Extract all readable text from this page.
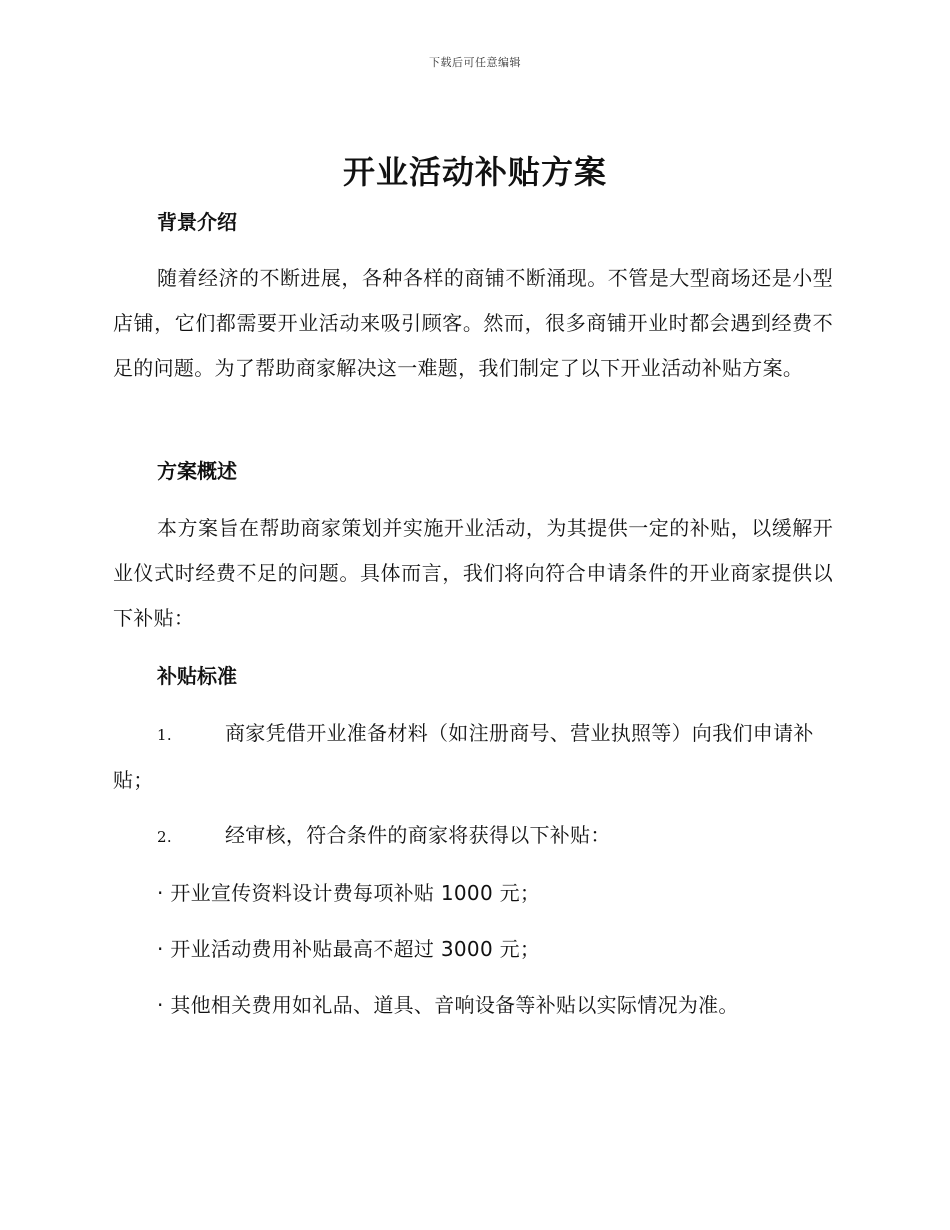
下载后可任意编辑
开业活动补贴方案
背景介绍
随着经济的不断进展，各种各样的商铺不断涌现。不管是大型商场还是小型店铺，它们都需要开业活动来吸引顾客。然而，很多商铺开业时都会遇到经费不足的问题。为了帮助商家解决这一难题，我们制定了以下开业活动补贴方案。
方案概述
本方案旨在帮助商家策划并实施开业活动，为其提供一定的补贴，以缓解开业仪式时经费不足的问题。具体而言，我们将向符合申请条件的开业商家提供以下补贴：
补贴标准
1.	商家凭借开业准备材料（如注册商号、营业执照等）向我们申请补贴；
2.	经审核，符合条件的商家将获得以下补贴：
· 开业宣传资料设计费每项补贴 1000 元；
· 开业活动费用补贴最高不超过 3000 元；
· 其他相关费用如礼品、道具、音响设备等补贴以实际情况为准。
